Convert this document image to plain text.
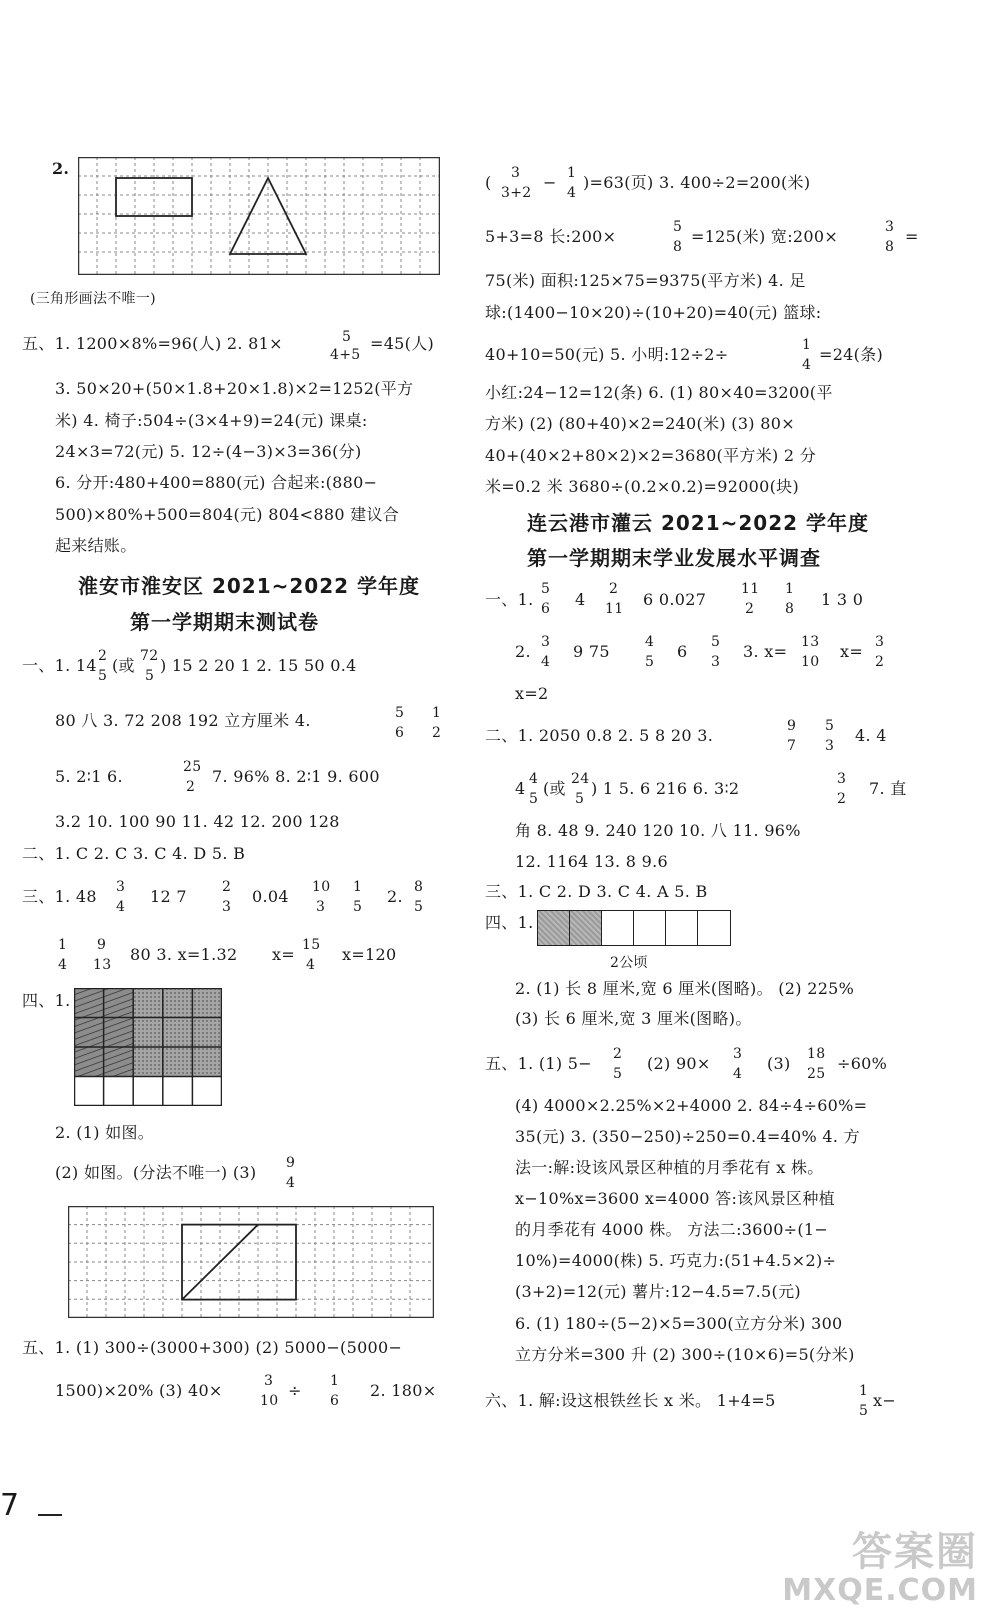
2.
(三角形画法不唯一)
五、1. 1200×8%=96(人) 2. 81×	5
4+5
=45(人)
3. 50×20+(50×1.8+20×1.8)×2=1252(平方
米) 4. 椅子:504÷(3×4+9)=24(元) 课桌:
24×3=72(元) 5. 12÷(4−3)×3=36(分)
6. 分开:480+400=880(元) 合起来:(880−
500)×80%+500=804(元) 804<880 建议合
起来结账。
一、1. 14 2
5
(或 72
5
) 15 2 20 1 2. 15 50 0.4
80 八 3. 72 208 192 立方厘米 4.	5
6
1
2
5. 2∶1 6.	25
2
7. 96% 8. 2∶1 9. 600
3.2 10. 100 90 11. 42 12. 200 128
二、1. C 2. C 3. C 4. D 5. B
三、1. 48 3
4
12 7	2
3
0.04 10
3
1
5
2. 8
5
1
4
9
13
80 3. x=1.32 x= 15
4
x=120
四、1.
2. (1) 如图。
(2) 如图。(分法不唯一) (3) 9
4
五、1. (1) 300÷(3000+300) (2) 5000−(5000−
1500)×20% (3) 40×	3
10
÷ 1
6
2. 180×
淮安市淮安区 2021~2022 学年度
第一学期期末测试卷
( 3
3+2
− 1
4
)=63(页) 3. 400÷2=200(米)
5+3=8 长:200×	5
8
=125(米) 宽:200×	3
8
=
75(米) 面积:125×75=9375(平方米) 4. 足
球:(1400−10×20)÷(10+20)=40(元) 篮球:
40+10=50(元) 5. 小明:12÷2÷	1
4
=24(条)
小红:24−12=12(条) 6. (1) 80×40=3200(平
方米) (2) (80+40)×2=240(米) (3) 80×
40+(40×2+80×2)×2=3680(平方米) 2 分
米=0.2 米 3680÷(0.2×0.2)=92000(块)
一、1.
5
6 4
2
11 6 0.027
11
2
1
8 1 3 0
2. 3
4
9 75	4
5
6 5
3
3. x= 13
10
x= 3
2
x=2
二、1. 2050 0.8 2. 5 8 20 3.	9
7
5
3
4. 4
4 4
5
(或 24
5
) 1 5. 6 216 6. 3∶2	3
2
7. 直
角 8. 48 9. 240 120 10. 八 11. 96%
12. 1164 13. 8 9.6
三、1. C 2. D 3. C 4. A 5. B
四、1.
2公顷
2. (1) 长 8 厘米,宽 6 厘米(图略)。 (2) 225%
(3) 长 6 厘米,宽 3 厘米(图略)。
五、1. (1) 5− 2
5
(2) 90× 3
4
(3) 18
25
÷60%
(4) 4000×2.25%×2+4000 2. 84÷4÷60%=
35(元) 3. (350−250)÷250=0.4=40% 4. 方
法一:解:设该风景区种植的月季花有 x 株。
x−10%x=3600 x=4000 答:该风景区种植
的月季花有 4000 株。 方法二:3600÷(1−
10%)=4000(株) 5. 巧克力:(51+4.5×2)÷
(3+2)=12(元) 薯片:12−4.5=7.5(元)
6. (1) 180÷(5−2)×5=300(立方分米) 300
立方分米=300 升 (2) 300÷(10×6)=5(分米)
六、1. 解:设这根铁丝长 x 米。 1+4=5	1
5
x−
连云港市灌云 2021~2022 学年度
第一学期期末学业发展水平调查
7
答案圈
MXQE.COM
